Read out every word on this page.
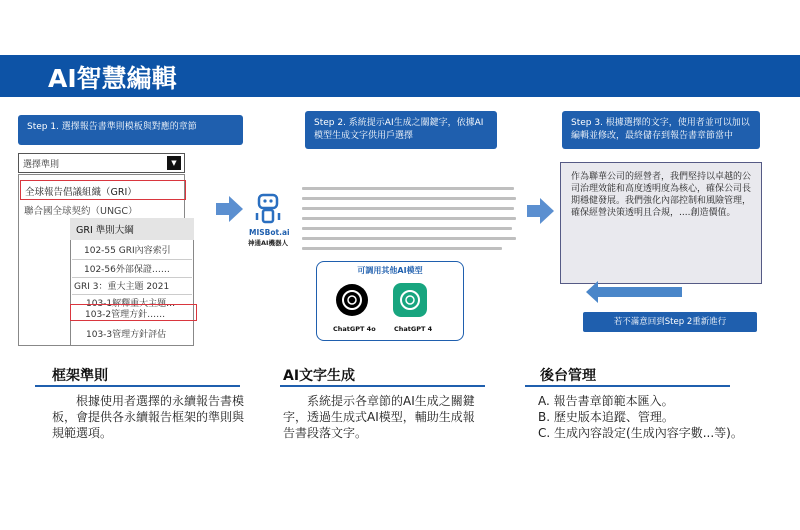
AI智慧編輯
Step 1. 選擇報告書準則模板與對應的章節	Step 2. 系統提示AI生成之關鍵字，依據AI模型生成文字供用戶選擇
Step 3. 根據選擇的文字，使用者並可以加以編輯並修改，最終儲存到報告書章節當中
選擇準則	▼
全球報告倡議組織（GRI）
聯合國全球契約（UNGC）
GRI 準則大綱
102-55 GRI內容索引
102-56外部保證……
GRI 3：重大主題 2021
103-1解釋重大主題…
103-2管理方針……
103-3管理方針評估
MISBot.ai
神通AI機器人
可調用其他AI模型
ChatGPT 4o	ChatGPT 4
作為聯華公司的經營者，我們堅持以卓越的公司治理效能和高度透明度為核心，確保公司長期穩健發展。我們強化內部控制和風險管理，確保經營決策透明且合規，....創造價值。
若不滿意回到Step 2重新進行
框架準則
根據使用者選擇的永續報告書模板，會提供各永續報告框架的準則與規範選項。
AI文字生成
系統提示各章節的AI生成之關鍵字，透過生成式AI模型，輔助生成報告書段落文字。
後台管理
A. 報告書章節範本匯入。
B. 歷史版本追蹤、管理。
C. 生成內容設定(生成內容字數...等)。
